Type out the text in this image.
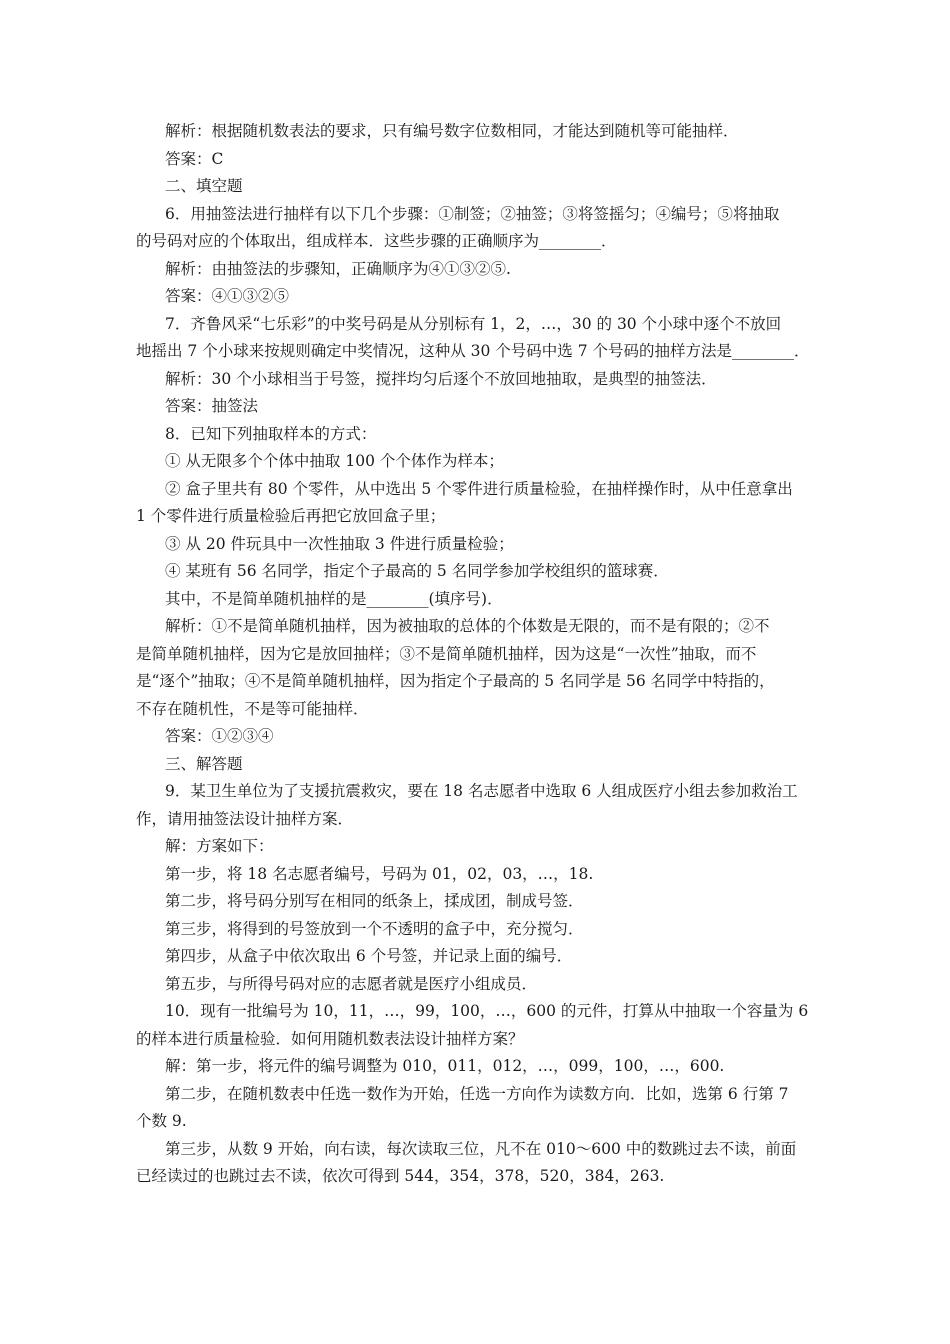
解析：根据随机数表法的要求，只有编号数字位数相同，才能达到随机等可能抽样．

答案：C

二、填空题

6．用抽签法进行抽样有以下几个步骤：①制签；②抽签；③将签摇匀；④编号；⑤将抽取

的号码对应的个体取出，组成样本．这些步骤的正确顺序为________．

解析：由抽签法的步骤知，正确顺序为④①③②⑤.

答案：④①③②⑤

7．齐鲁风采“七乐彩”的中奖号码是从分别标有 1，2，…，30 的 30 个小球中逐个不放回

地摇出 7 个小球来按规则确定中奖情况，这种从 30 个号码中选 7 个号码的抽样方法是________．

解析：30 个小球相当于号签，搅拌均匀后逐个不放回地抽取，是典型的抽签法．

答案：抽签法

8．已知下列抽取样本的方式：

① 从无限多个个体中抽取 100 个个体作为样本；

② 盒子里共有 80 个零件，从中选出 5 个零件进行质量检验，在抽样操作时，从中任意拿出

1 个零件进行质量检验后再把它放回盒子里；

③ 从 20 件玩具中一次性抽取 3 件进行质量检验；

④ 某班有 56 名同学，指定个子最高的 5 名同学参加学校组织的篮球赛．

其中，不是简单随机抽样的是________(填序号)．

解析：①不是简单随机抽样，因为被抽取的总体的个体数是无限的，而不是有限的；②不

是简单随机抽样，因为它是放回抽样；③不是简单随机抽样，因为这是“一次性”抽取，而不

是“逐个”抽取；④不是简单随机抽样，因为指定个子最高的 5 名同学是 56 名同学中特指的，

不存在随机性，不是等可能抽样．

答案：①②③④

三、解答题

9．某卫生单位为了支援抗震救灾，要在 18 名志愿者中选取 6 人组成医疗小组去参加救治工

作，请用抽签法设计抽样方案．

解：方案如下：

第一步，将 18 名志愿者编号，号码为 01，02，03，…，18.

第二步，将号码分别写在相同的纸条上，揉成团，制成号签．

第三步，将得到的号签放到一个不透明的盒子中，充分搅匀．

第四步，从盒子中依次取出 6 个号签，并记录上面的编号．

第五步，与所得号码对应的志愿者就是医疗小组成员．

10．现有一批编号为 10，11，…，99，100，…，600 的元件，打算从中抽取一个容量为 6

的样本进行质量检验．如何用随机数表法设计抽样方案？

解：第一步，将元件的编号调整为 010，011，012，…，099，100，…，600.

第二步，在随机数表中任选一数作为开始，任选一方向作为读数方向．比如，选第 6 行第 7

个数 9.

第三步，从数 9 开始，向右读，每次读取三位，凡不在 010～600 中的数跳过去不读，前面

已经读过的也跳过去不读，依次可得到 544，354，378，520，384，263.
